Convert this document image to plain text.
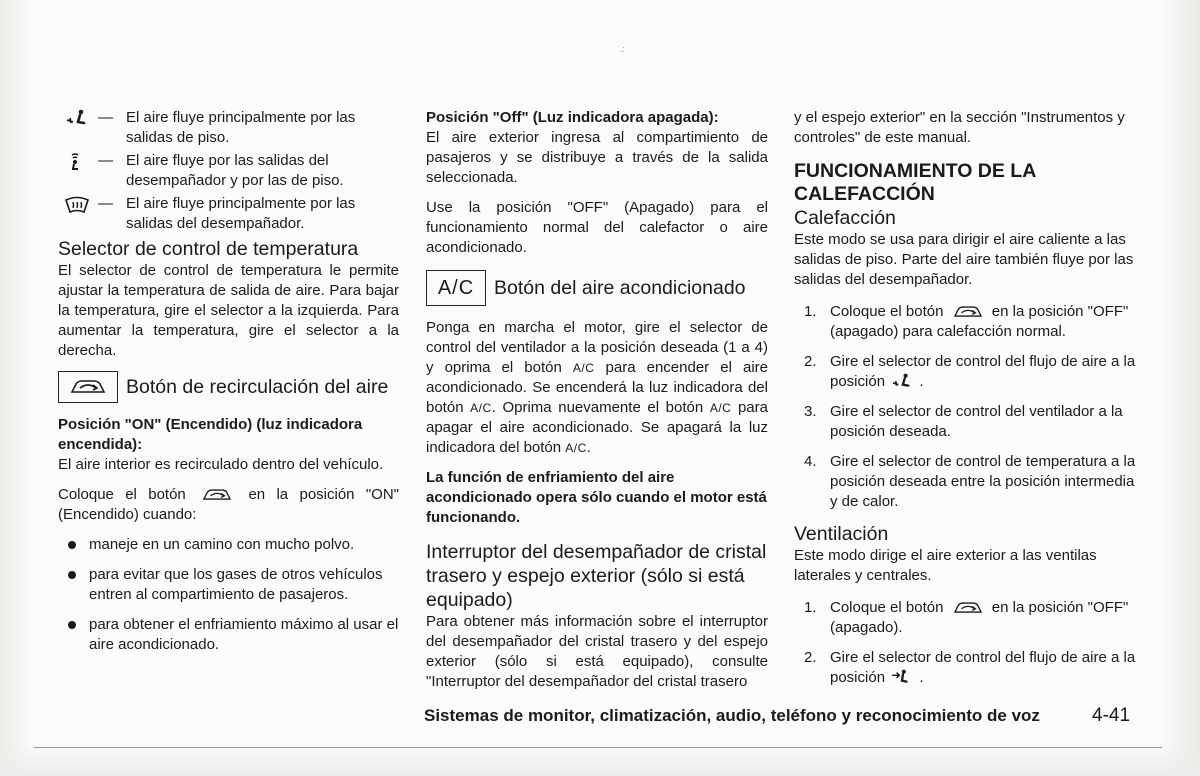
.:
— El aire fluye principalmente por las salidas de piso.
— El aire fluye por las salidas del desempañador y por las de piso.
— El aire fluye principalmente por las salidas del desempañador.
Selector de control de temperatura

El selector de control de temperatura le permite ajustar la temperatura de salida de aire. Para bajar la temperatura, gire el selector a la izquierda. Para aumentar la temperatura, gire el selector a la derecha.

Botón de recirculación del aire

Posición "ON" (Encendido) (luz indicadora encendida):

El aire interior es recirculado dentro del vehículo.

Coloque el botón	en la posición "ON" (Encendido) cuando:

maneje en un camino con mucho polvo.
para evitar que los gases de otros vehículos entren al compartimiento de pasajeros.
para obtener el enfriamiento máximo al usar el aire acondicionado.

Posición "Off" (Luz indicadora apagada):

El aire exterior ingresa al compartimiento de pasajeros y se distribuye a través de la salida seleccionada.

Use la posición "OFF" (Apagado) para el funcionamiento normal del calefactor o aire acondicionado.

A/C	Botón del aire acondicionado

Ponga en marcha el motor, gire el selector de control del ventilador a la posición deseada (1 a 4) y oprima el botón A/C para encender el aire acondicionado. Se encenderá la luz indicadora del botón A/C. Oprima nuevamente el botón A/C para apagar el aire acondicionado. Se apagará la luz indicadora del botón A/C.

La función de enfriamiento del aire acondicionado opera sólo cuando el motor está funcionando.

Interruptor del desempañador de cristal trasero y espejo exterior (sólo si está equipado)

Para obtener más información sobre el interruptor del desempañador del cristal trasero y del espejo exterior (sólo si está equipado), consulte "Interruptor del desempañador del cristal trasero

y el espejo exterior" en la sección "Instrumentos y controles" de este manual.

FUNCIONAMIENTO DE LA CALEFACCIÓN
Calefacción

Este modo se usa para dirigir el aire caliente a las salidas de piso. Parte del aire también fluye por las salidas del desempañador.

1. Coloque el botón	en la posición "OFF" (apagado) para calefacción normal.
2. Gire el selector de control del flujo de aire a la posición .
3. Gire el selector de control del ventilador a la posición deseada.
4. Gire el selector de control de temperatura a la posición deseada entre la posición intermedia y de calor.
Ventilación

Este modo dirige el aire exterior a las ventilas laterales y centrales.

1. Coloque el botón	en la posición "OFF" (apagado).
2. Gire el selector de control del flujo de aire a la posición .
Sistemas de monitor, climatización, audio, teléfono y reconocimiento de voz	4-41
